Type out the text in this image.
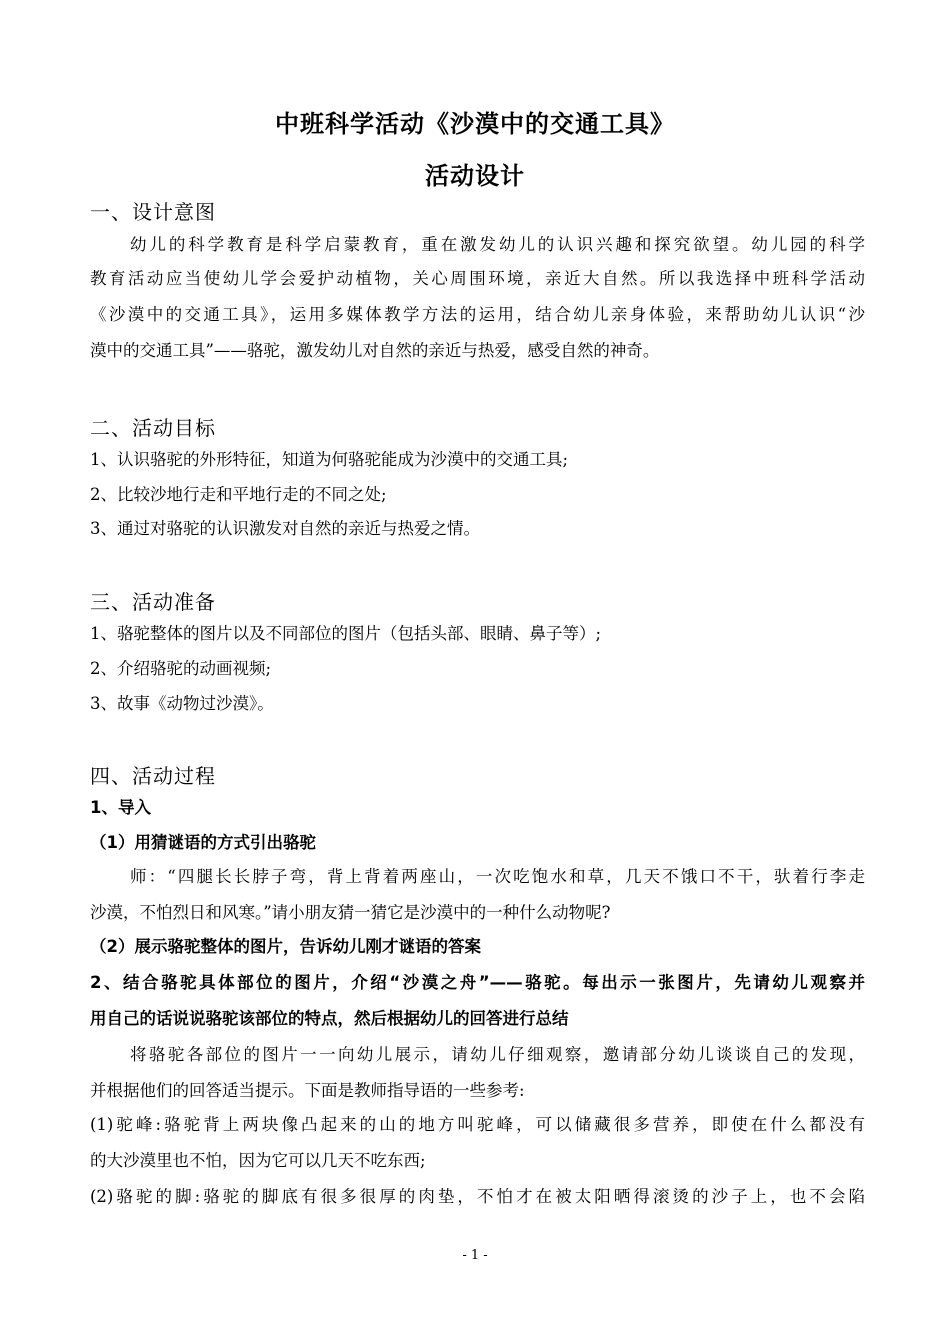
中班科学活动《沙漠中的交通工具》
活动设计
一、设计意图
幼儿的科学教育是科学启蒙教育，重在激发幼儿的认识兴趣和探究欲望。幼儿园的科学
教育活动应当使幼儿学会爱护动植物，关心周围环境，亲近大自然。所以我选择中班科学活动
《沙漠中的交通工具》，运用多媒体教学方法的运用，结合幼儿亲身体验，来帮助幼儿认识“沙
漠中的交通工具”——骆驼，激发幼儿对自然的亲近与热爱，感受自然的神奇。
二、活动目标
1、认识骆驼的外形特征，知道为何骆驼能成为沙漠中的交通工具;
2、比较沙地行走和平地行走的不同之处;
3、通过对骆驼的认识激发对自然的亲近与热爱之情。
三、活动准备
1、骆驼整体的图片以及不同部位的图片（包括头部、眼睛、鼻子等）;
2、介绍骆驼的动画视频;
3、故事《动物过沙漠》。
四、活动过程
1、导入
（1）用猜谜语的方式引出骆驼
师：“四腿长长脖子弯，背上背着两座山，一次吃饱水和草，几天不饿口不干，驮着行李走
沙漠，不怕烈日和风寒。”请小朋友猜一猜它是沙漠中的一种什么动物呢?
（2）展示骆驼整体的图片，告诉幼儿刚才谜语的答案
2、结合骆驼具体部位的图片，介绍“沙漠之舟”——骆驼。每出示一张图片，先请幼儿观察并
用自己的话说说骆驼该部位的特点，然后根据幼儿的回答进行总结
将骆驼各部位的图片一一向幼儿展示，请幼儿仔细观察，邀请部分幼儿谈谈自己的发现，
并根据他们的回答适当提示。下面是教师指导语的一些参考:
(1)驼峰:骆驼背上两块像凸起来的山的地方叫驼峰，可以储藏很多营养，即使在什么都没有
的大沙漠里也不怕，因为它可以几天不吃东西;
(2)骆驼的脚:骆驼的脚底有很多很厚的肉垫，不怕才在被太阳晒得滚烫的沙子上，也不会陷
- 1 -
